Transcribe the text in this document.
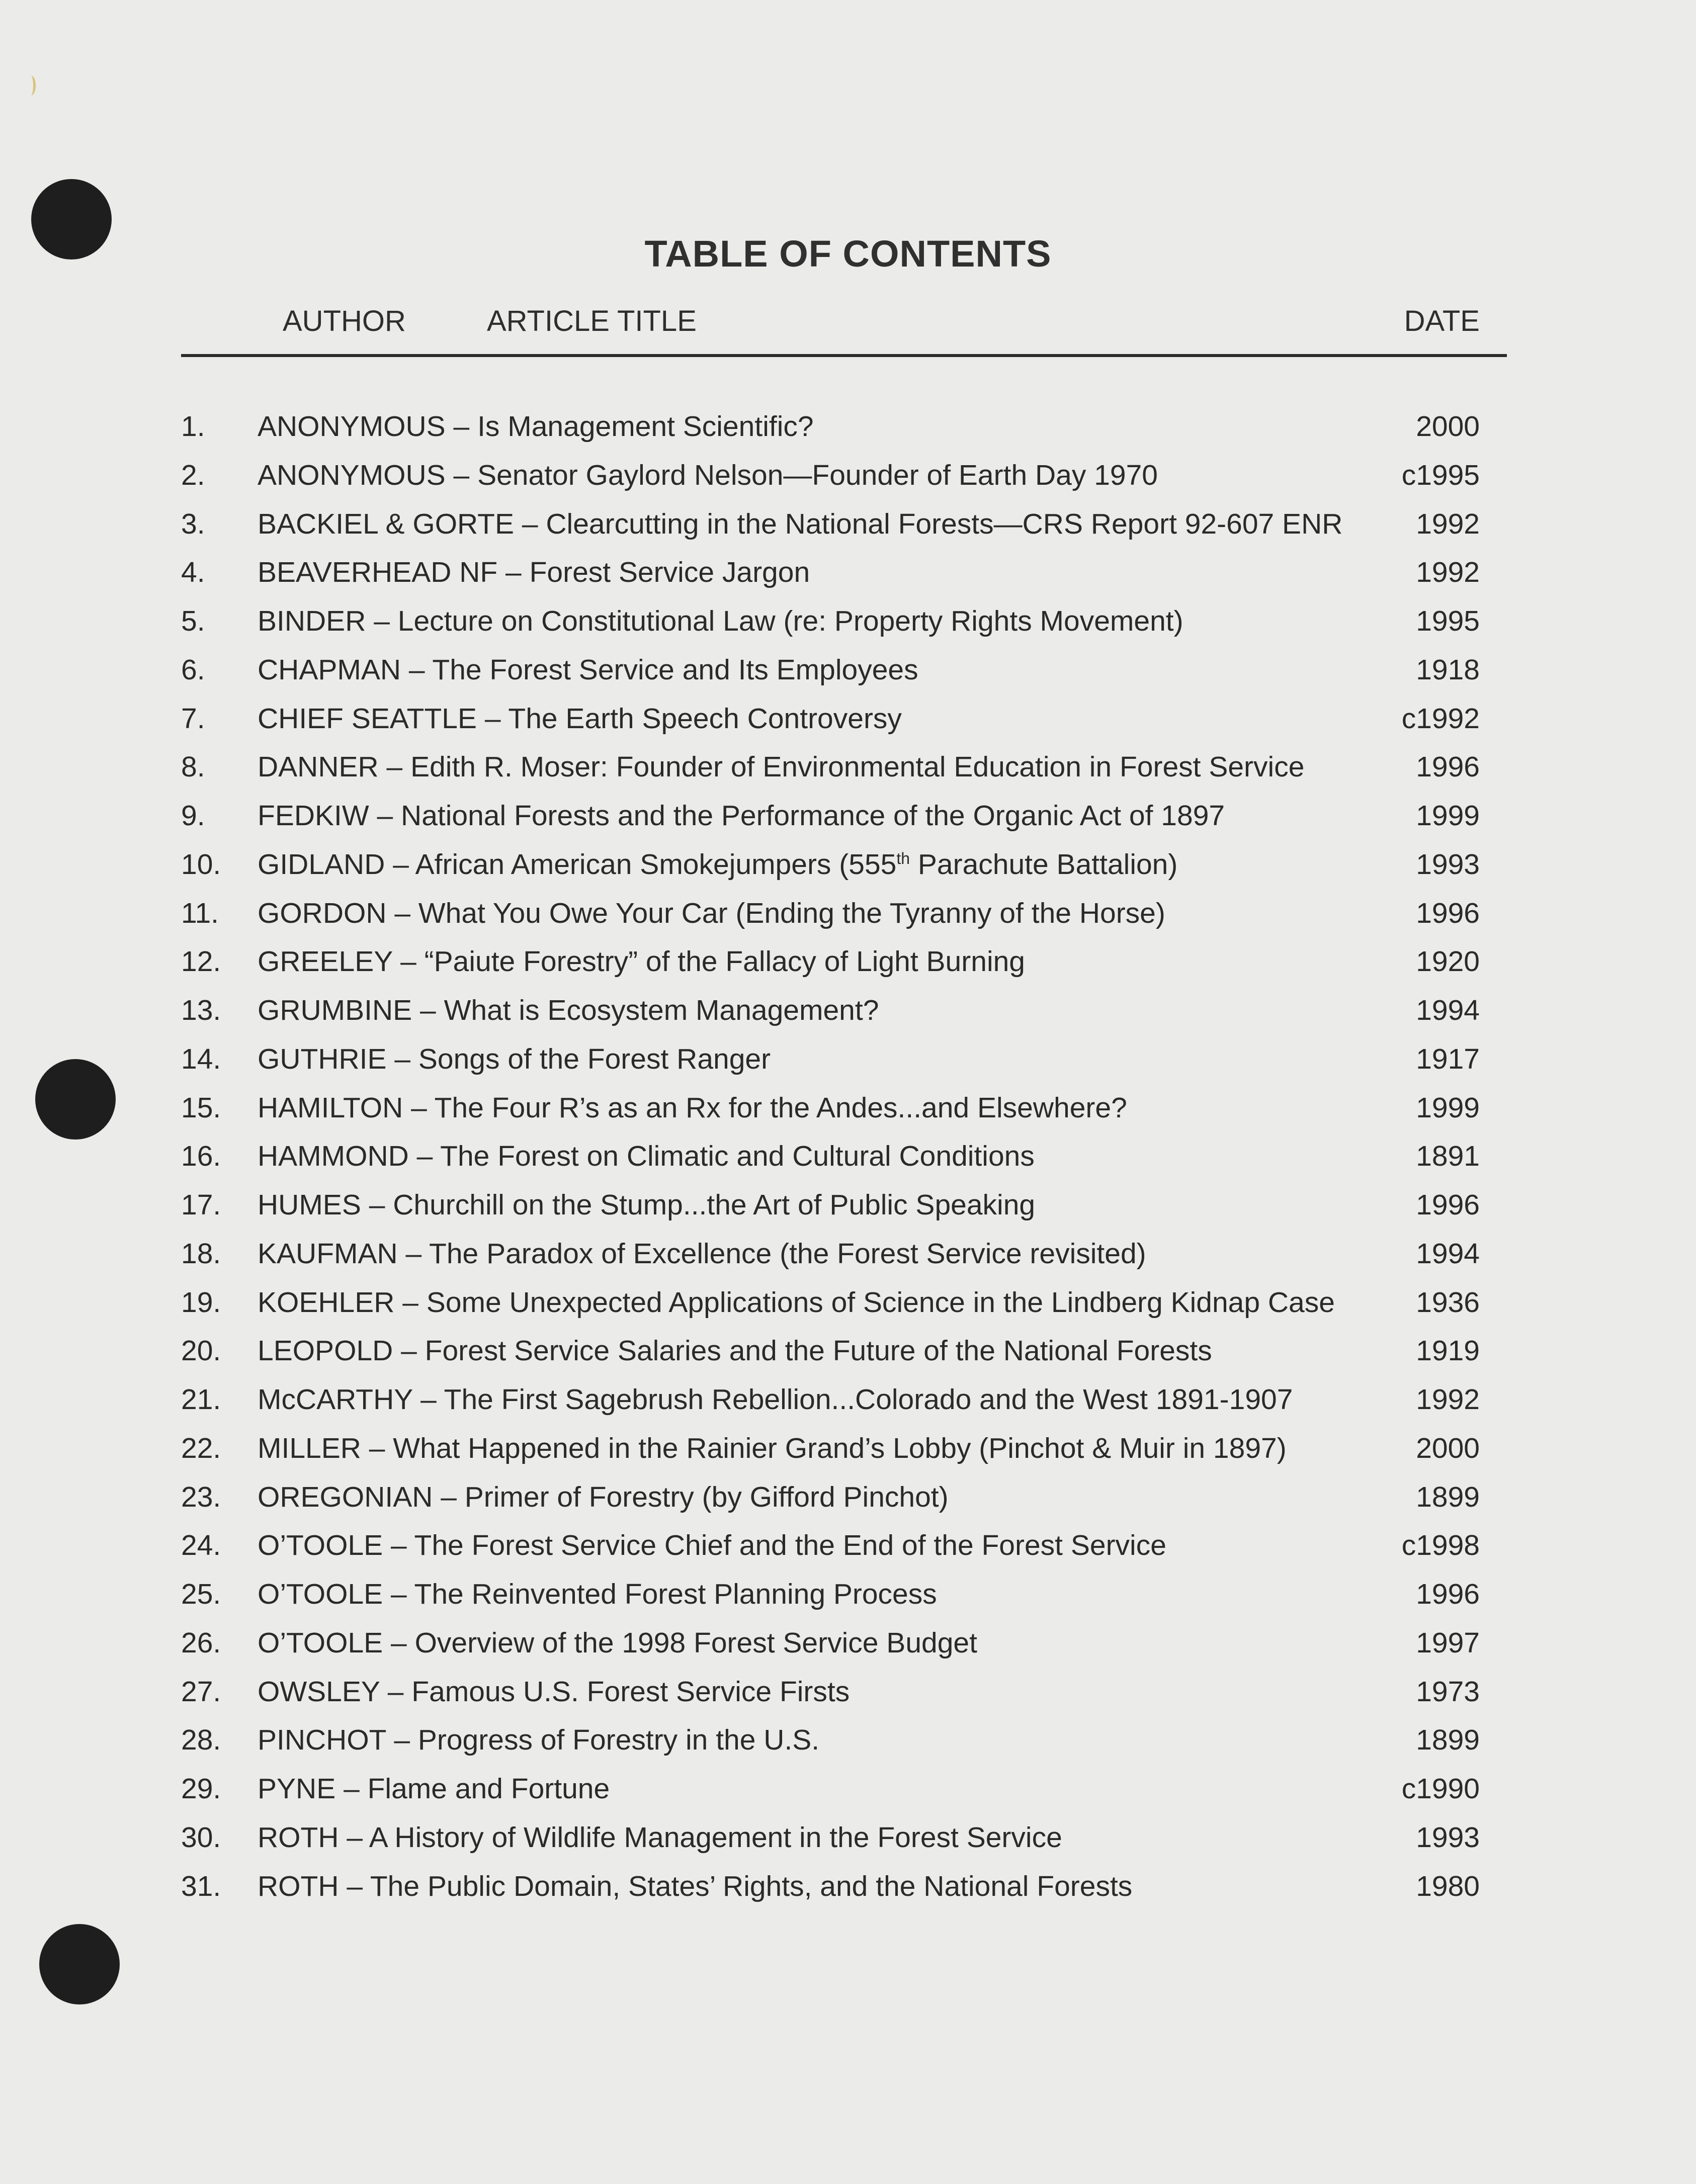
TABLE OF CONTENTS
AUTHOR	ARTICLE TITLE	DATE
1. ANONYMOUS – Is Management Scientific?	2000
2. ANONYMOUS – Senator Gaylord Nelson—Founder of Earth Day 1970	c1995
3. BACKIEL & GORTE – Clearcutting in the National Forests—CRS Report 92-607 ENR	1992
4. BEAVERHEAD NF – Forest Service Jargon	1992
5. BINDER – Lecture on Constitutional Law (re: Property Rights Movement)	1995
6. CHAPMAN – The Forest Service and Its Employees	1918
7. CHIEF SEATTLE – The Earth Speech Controversy	c1992
8. DANNER – Edith R. Moser: Founder of Environmental Education in Forest Service	1996
9. FEDKIW – National Forests and the Performance of the Organic Act of 1897	1999
10. GIDLAND – African American Smokejumpers (555th Parachute Battalion)	1993
11. GORDON – What You Owe Your Car (Ending the Tyranny of the Horse)	1996
12. GREELEY – “Paiute Forestry” of the Fallacy of Light Burning	1920
13. GRUMBINE – What is Ecosystem Management?	1994
14. GUTHRIE – Songs of the Forest Ranger	1917
15. HAMILTON – The Four R’s as an Rx for the Andes...and Elsewhere?	1999
16. HAMMOND – The Forest on Climatic and Cultural Conditions	1891
17. HUMES – Churchill on the Stump...the Art of Public Speaking	1996
18. KAUFMAN – The Paradox of Excellence (the Forest Service revisited)	1994
19. KOEHLER – Some Unexpected Applications of Science in the Lindberg Kidnap Case	1936
20. LEOPOLD – Forest Service Salaries and the Future of the National Forests	1919
21. McCARTHY – The First Sagebrush Rebellion...Colorado and the West 1891-1907	1992
22. MILLER – What Happened in the Rainier Grand’s Lobby (Pinchot & Muir in 1897)	2000
23. OREGONIAN – Primer of Forestry (by Gifford Pinchot)	1899
24. O’TOOLE – The Forest Service Chief and the End of the Forest Service	c1998
25. O’TOOLE – The Reinvented Forest Planning Process	1996
26. O’TOOLE – Overview of the 1998 Forest Service Budget	1997
27. OWSLEY – Famous U.S. Forest Service Firsts	1973
28. PINCHOT – Progress of Forestry in the U.S.	1899
29. PYNE – Flame and Fortune	c1990
30. ROTH – A History of Wildlife Management in the Forest Service	1993
31. ROTH – The Public Domain, States’ Rights, and the National Forests	1980
